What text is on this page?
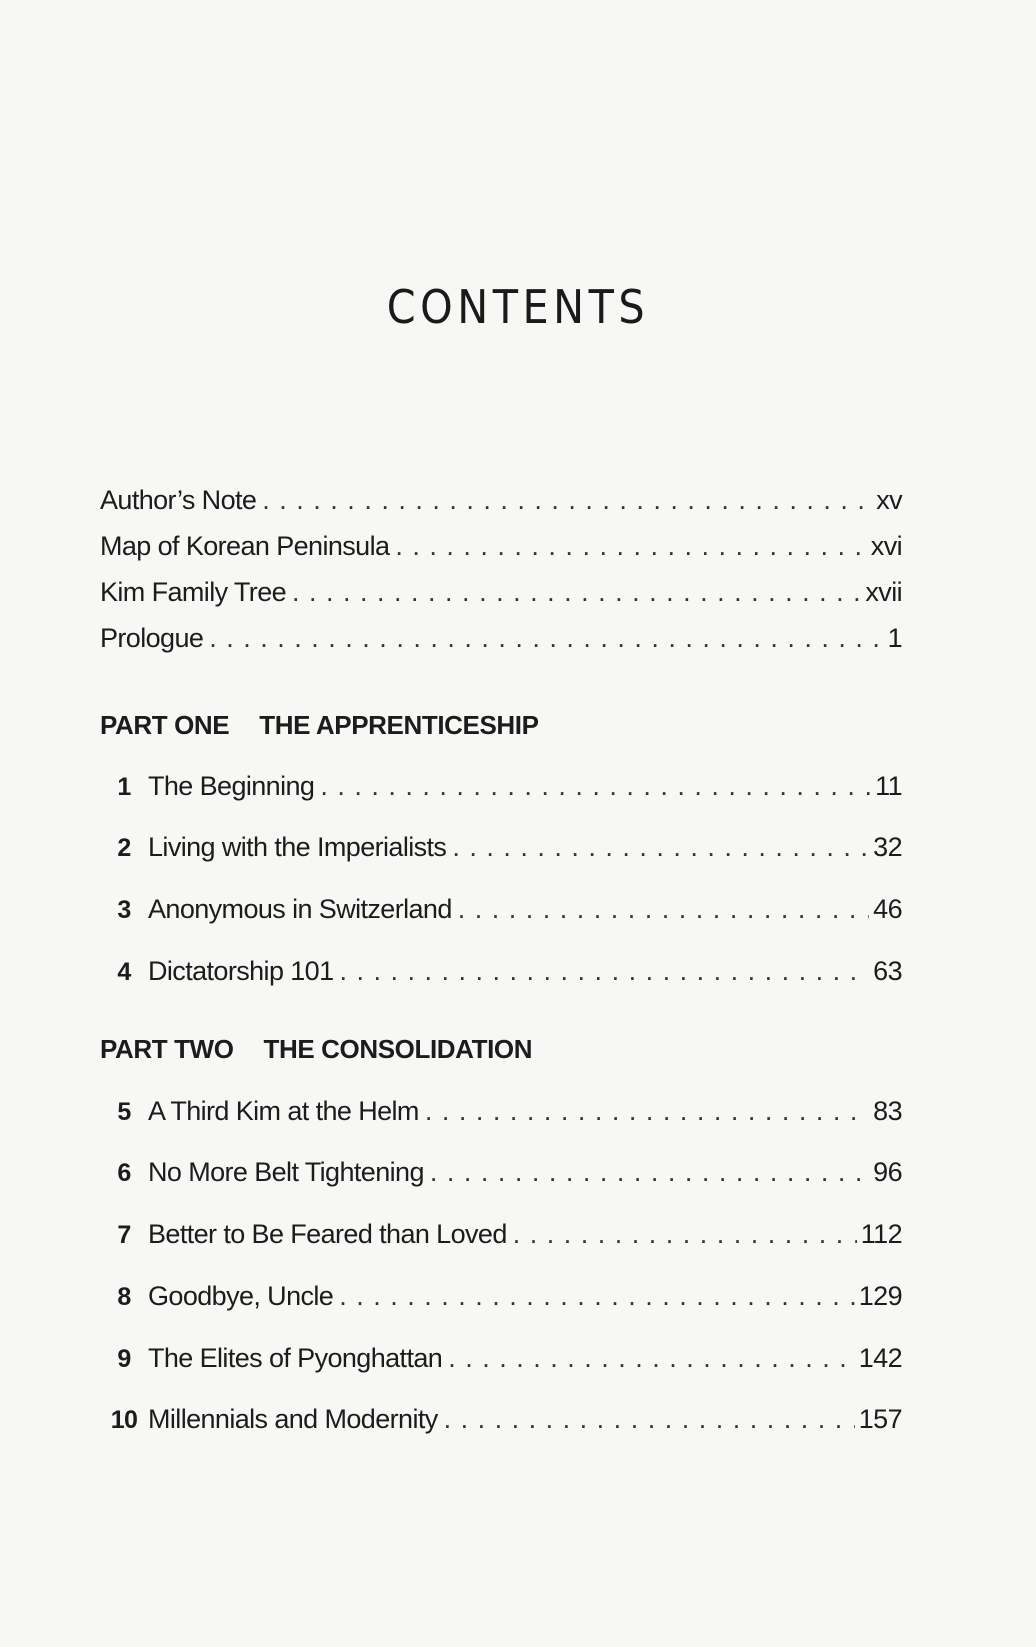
CONTENTS
Author’s Note . . .	xv
Map of Korean Peninsula . . .	xvi
Kim Family Tree . . .	xvii
Prologue . . .	1
PART ONE THE APPRENTICESHIP
1 The Beginning . . .	11
2 Living with the Imperialists . . .	32
3 Anonymous in Switzerland . . .	46
4 Dictatorship 101 . . .	63
PART TWO THE CONSOLIDATION
5 A Third Kim at the Helm . . .	83
6 No More Belt Tightening . . .	96
7 Better to Be Feared than Loved . . .	112
8 Goodbye, Uncle . . .	129
9 The Elites of Pyonghattan . . .	142
10 Millennials and Modernity . . .	157
